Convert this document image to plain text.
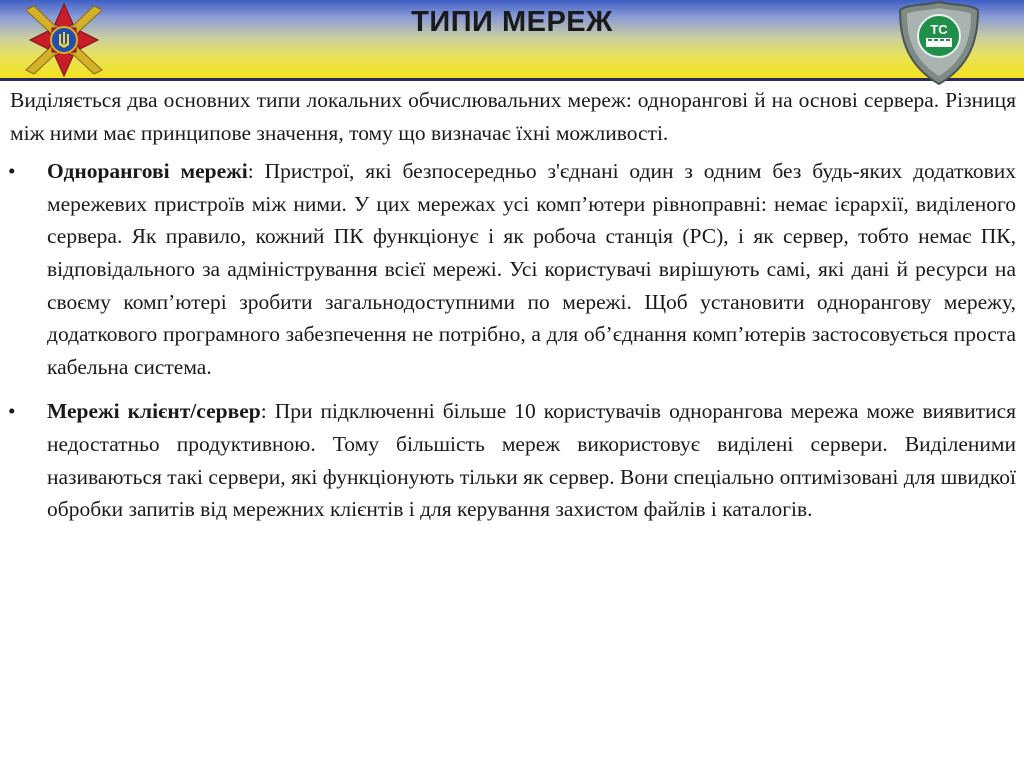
TC
ТИПИ МЕРЕЖ

Виділяється два основних типи локальних обчислювальних мереж: однорангові й на основі сервера. Різниця між ними має принципове значення, тому що визначає їхні можливості.

• Однорангові мережі: Пристрої, які безпосередньо з'єднані один з одним без будь-яких додаткових мережевих пристроїв між ними. У цих мережах усі комп’ютери рівноправні: немає ієрархії, виділеного сервера. Як правило, кожний ПК функціонує і як робоча станція (РС), і як сервер, тобто немає ПК, відповідального за адміністрування всієї мережі. Усі користувачі вирішують самі, які дані й ресурси на своєму комп’ютері зробити загальнодоступними по мережі. Щоб установити однорангову мережу, додаткового програмного забезпечення не потрібно, а для об’єднання комп’ютерів застосовується проста кабельна система.
• Мережі клієнт/сервер: При підключенні більше 10 користувачів однорангова мережа може виявитися недостатньо продуктивною. Тому більшість мереж використовує виділені сервери. Виділеними називаються такі сервери, які функціонують тільки як сервер. Вони спеціально оптимізовані для швидкої обробки запитів від мережних клієнтів і для керування захистом файлів і каталогів.
